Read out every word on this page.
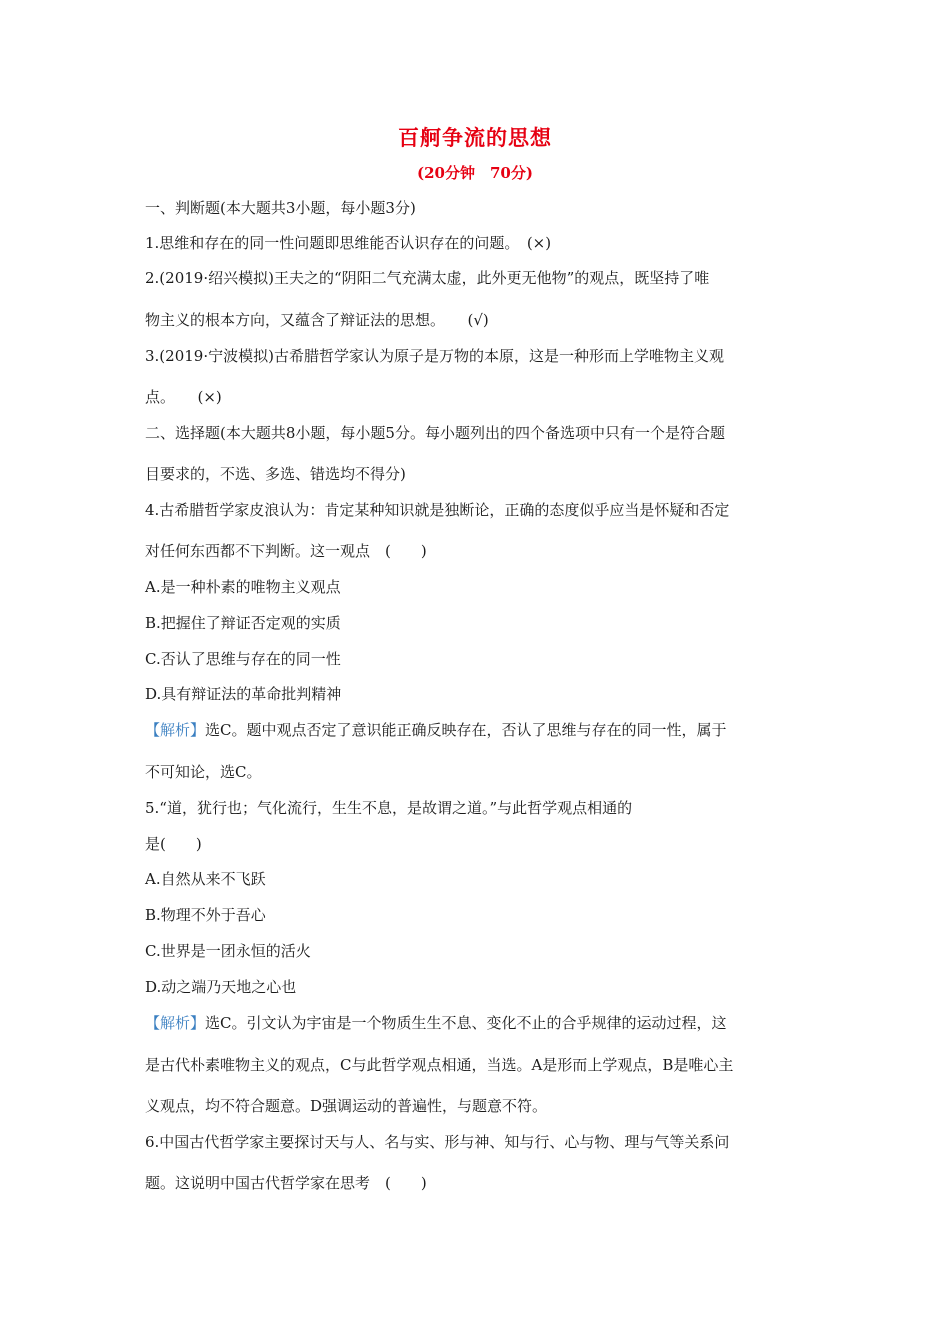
百舸争流的思想
(20分钟　70分)
一、判断题(本大题共3小题，每小题3分)
1.思维和存在的同一性问题即思维能否认识存在的问题。　(×)
2.(2019·绍兴模拟)王夫之的“阴阳二气充满太虚，此外更无他物”的观点，既坚持了唯
物主义的根本方向，又蕴含了辩证法的思想。　　(√)
3.(2019·宁波模拟)古希腊哲学家认为原子是万物的本原，这是一种形而上学唯物主义观
点。　　(×)
二、选择题(本大题共8小题，每小题5分。每小题列出的四个备选项中只有一个是符合题
目要求的，不选、多选、错选均不得分)
4.古希腊哲学家皮浪认为：肯定某种知识就是独断论，正确的态度似乎应当是怀疑和否定
对任何东西都不下判断。这一观点　(　　)
A.是一种朴素的唯物主义观点
B.把握住了辩证否定观的实质
C.否认了思维与存在的同一性
D.具有辩证法的革命批判精神
【解析】选C。题中观点否定了意识能正确反映存在，否认了思维与存在的同一性，属于
不可知论，选C。
5.“道，犹行也；气化流行，生生不息，是故谓之道。”与此哲学观点相通的
是(　　)
A.自然从来不飞跃
B.物理不外于吾心
C.世界是一团永恒的活火
D.动之端乃天地之心也
【解析】选C。引文认为宇宙是一个物质生生不息、变化不止的合乎规律的运动过程，这
是古代朴素唯物主义的观点，C与此哲学观点相通，当选。A是形而上学观点，B是唯心主
义观点，均不符合题意。D强调运动的普遍性，与题意不符。
6.中国古代哲学家主要探讨天与人、名与实、形与神、知与行、心与物、理与气等关系问
题。这说明中国古代哲学家在思考　(　　)
